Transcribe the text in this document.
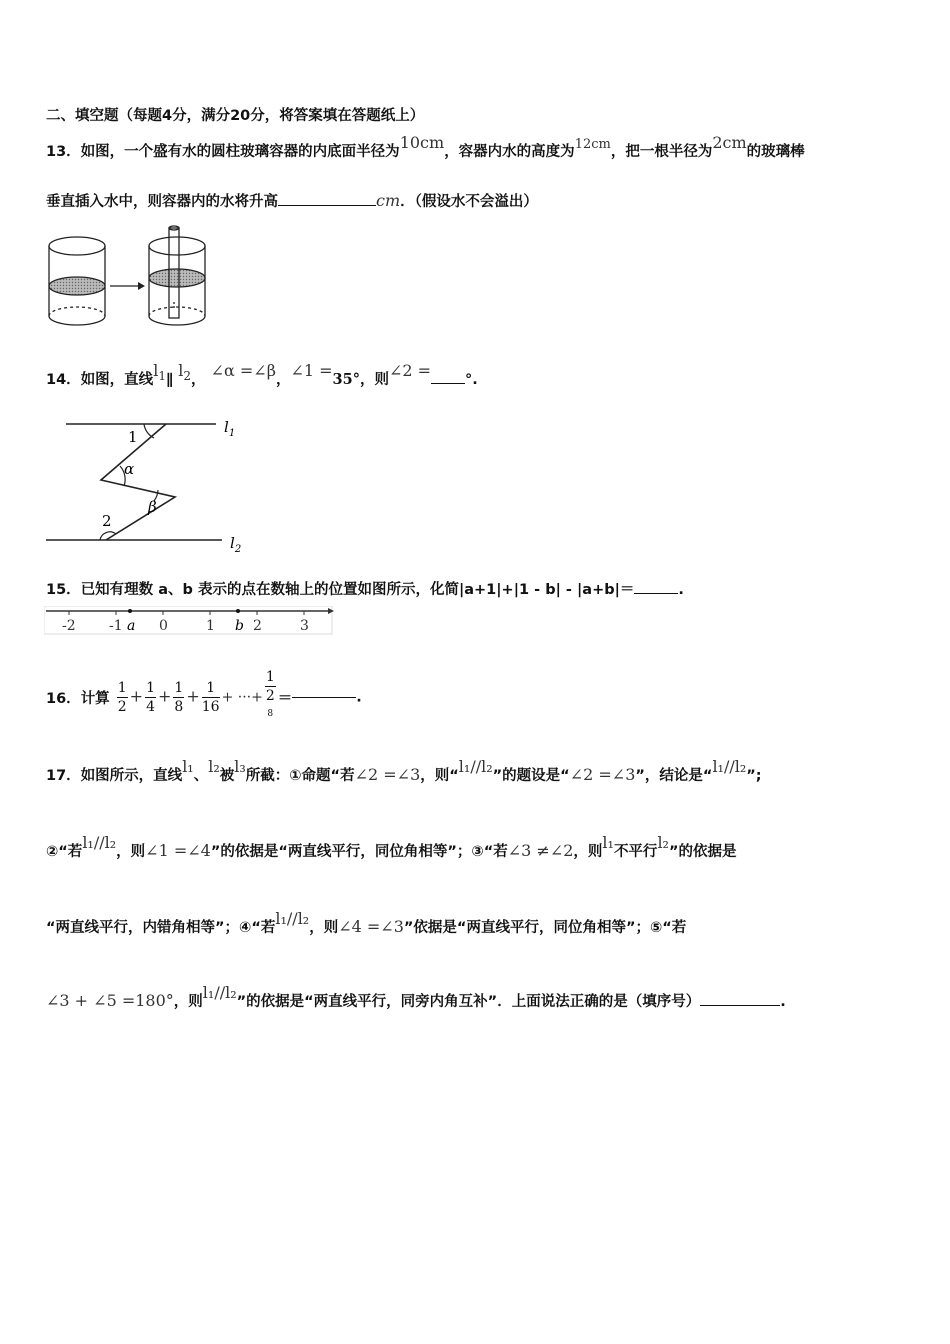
二、填空题（每题4分，满分20分，将答案填在答题纸上）
13．如图，一个盛有水的圆柱玻璃容器的内底面半径为10cm，容器内水的高度为12cm，把一根半径为2cm的玻璃棒
垂直插入水中，则容器内的水将升高	cm．（假设水不会溢出）
14．如图，直线$l_1\parallel$ $l_2$， ∠α =∠β，∠1 =35°，则∠2 = °.
1
α
β
2
$l_1$
$l_2$
15．已知有理数 a、b 表示的点在数轴上的位置如图所示，化简|a+1|+|1 - b| - |a+b|＝	.
-2 -1	0	1	2	3
a	b
16．计算 $\frac{1}{2} + \frac{1}{4} + \frac{1}{8} + \frac{1}{16}$ + ···+ 1
2
$^8$ ＝	.
17．如图所示，直线l₁、l₂被l₃所截：①命题“若∠2 =∠3，则“l₁//l₂”的题设是“∠2 =∠3”，结论是“l₁//l₂”;
②“若l₁//l₂，则∠1 =∠4”的依据是“两直线平行，同位角相等”；③“若∠3 ≠∠2，则l₁不平行l₂”的依据是
“两直线平行，内错角相等”；④“若l₁//l₂，则∠4 =∠3”依据是“两直线平行，同位角相等”；⑤“若
∠3 + ∠5 =180°，则l₁//l₂”的依据是“两直线平行，同旁内角互补”．上面说法正确的是（填序号）	.
